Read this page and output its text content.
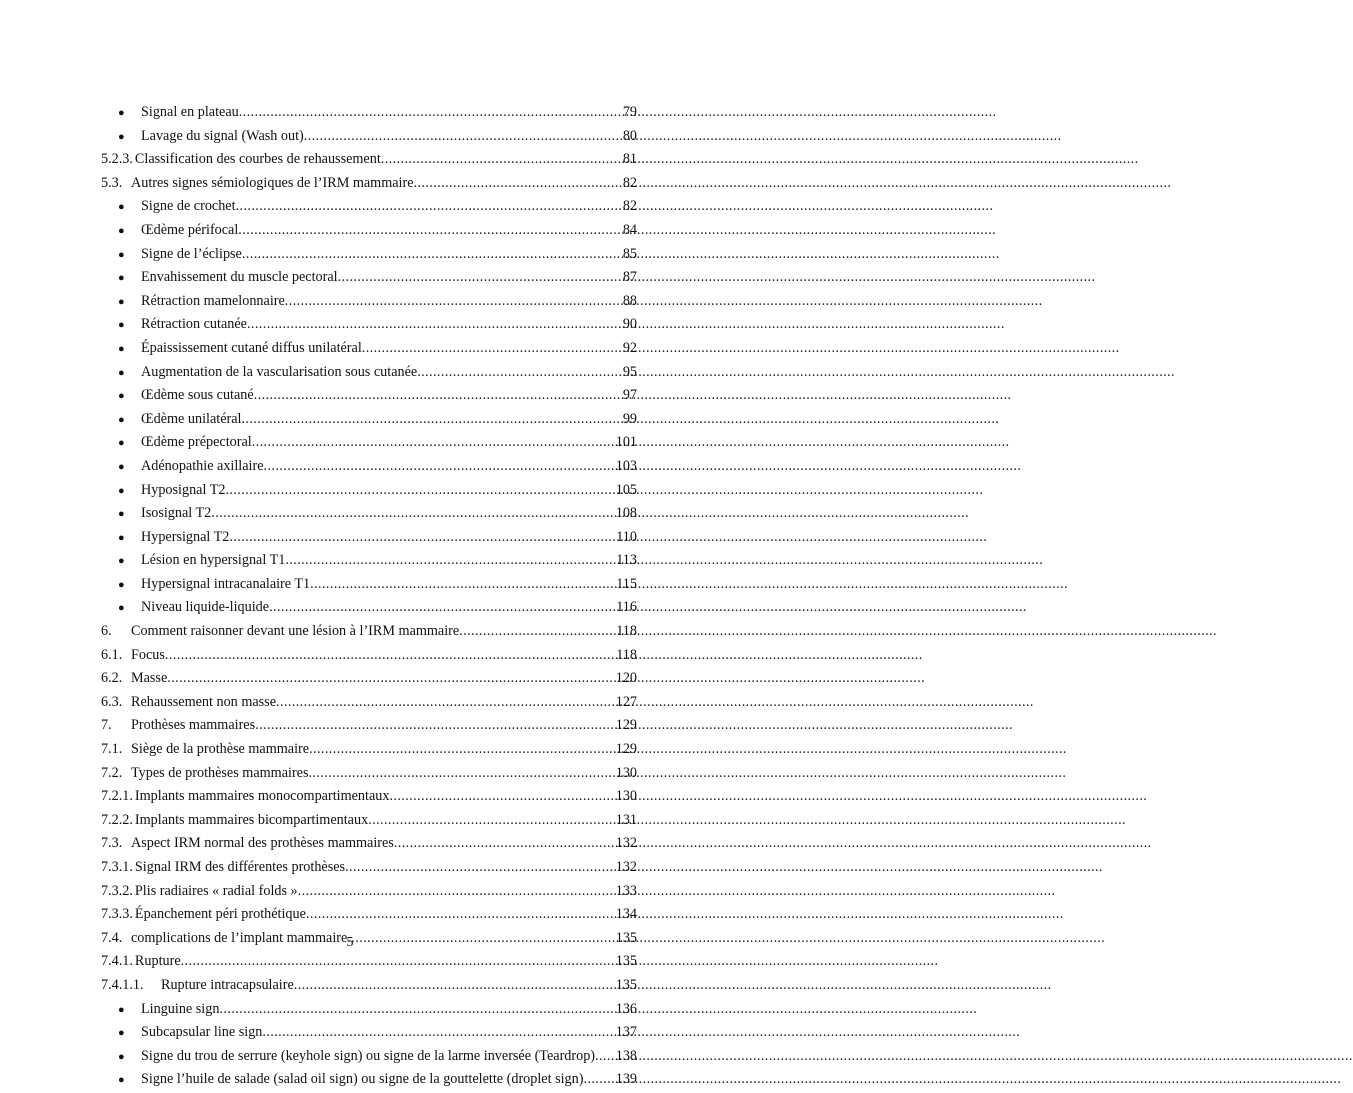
●	Signal en plateau .....	79
●	Lavage du signal (Wash out) .....	80
5.2.3. Classification des courbes de rehaussement .....	81
5.3. Autres signes sémiologiques de l’IRM mammaire .....	82
●	Signe de crochet .....	82
●	Œdème périfocal .....	84
●	Signe de l’éclipse .....	85
●	Envahissement du muscle pectoral .....	87
●	Rétraction mamelonnaire .....	88
●	Rétraction cutanée .....	90
●	Épaississement cutané diffus unilatéral .....	92
●	Augmentation de la vascularisation sous cutanée .....	95
●	Œdème sous cutané .....	97
●	Œdème unilatéral .....	99
●	Œdème prépectoral .....	101
●	Adénopathie axillaire .....	103
●	Hyposignal T2 .....	105
●	Isosignal T2 .....	108
●	Hypersignal T2 .....	110
●	Lésion en hypersignal T1 .....	113
●	Hypersignal intracanalaire T1 .....	115
●	Niveau liquide-liquide .....	116
6.	Comment raisonner devant une lésion à l’IRM mammaire .....	118
6.1. Focus .....	118
6.2. Masse .....	120
6.3. Rehaussement non masse .....	127
7.	Prothèses mammaires .....	129
7.1. Siège de la prothèse mammaire .....	129
7.2. Types de prothèses mammaires .....	130
7.2.1. Implants mammaires monocompartimentaux .....	130
7.2.2. Implants mammaires bicompartimentaux .....	131
7.3. Aspect IRM normal des prothèses mammaires .....	132
7.3.1. Signal IRM des différentes prothèses .....	132
7.3.2. Plis radiaires « radial folds » .....	133
7.3.3. Épanchement péri prothétique .....	134
7.4. complications de l’implant mammaire .....	135
7.4.1. Rupture .....	135
7.4.1.1.	Rupture intracapsulaire .....	135
●	Linguine sign .....	136
●	Subcapsular line sign .....	137
●	Signe du trou de serrure (keyhole sign) ou signe de la larme inversée (Teardrop) ..... 138
●	Signe l’huile de salade (salad oil sign) ou signe de la gouttelette (droplet sign) ..... 139
5
